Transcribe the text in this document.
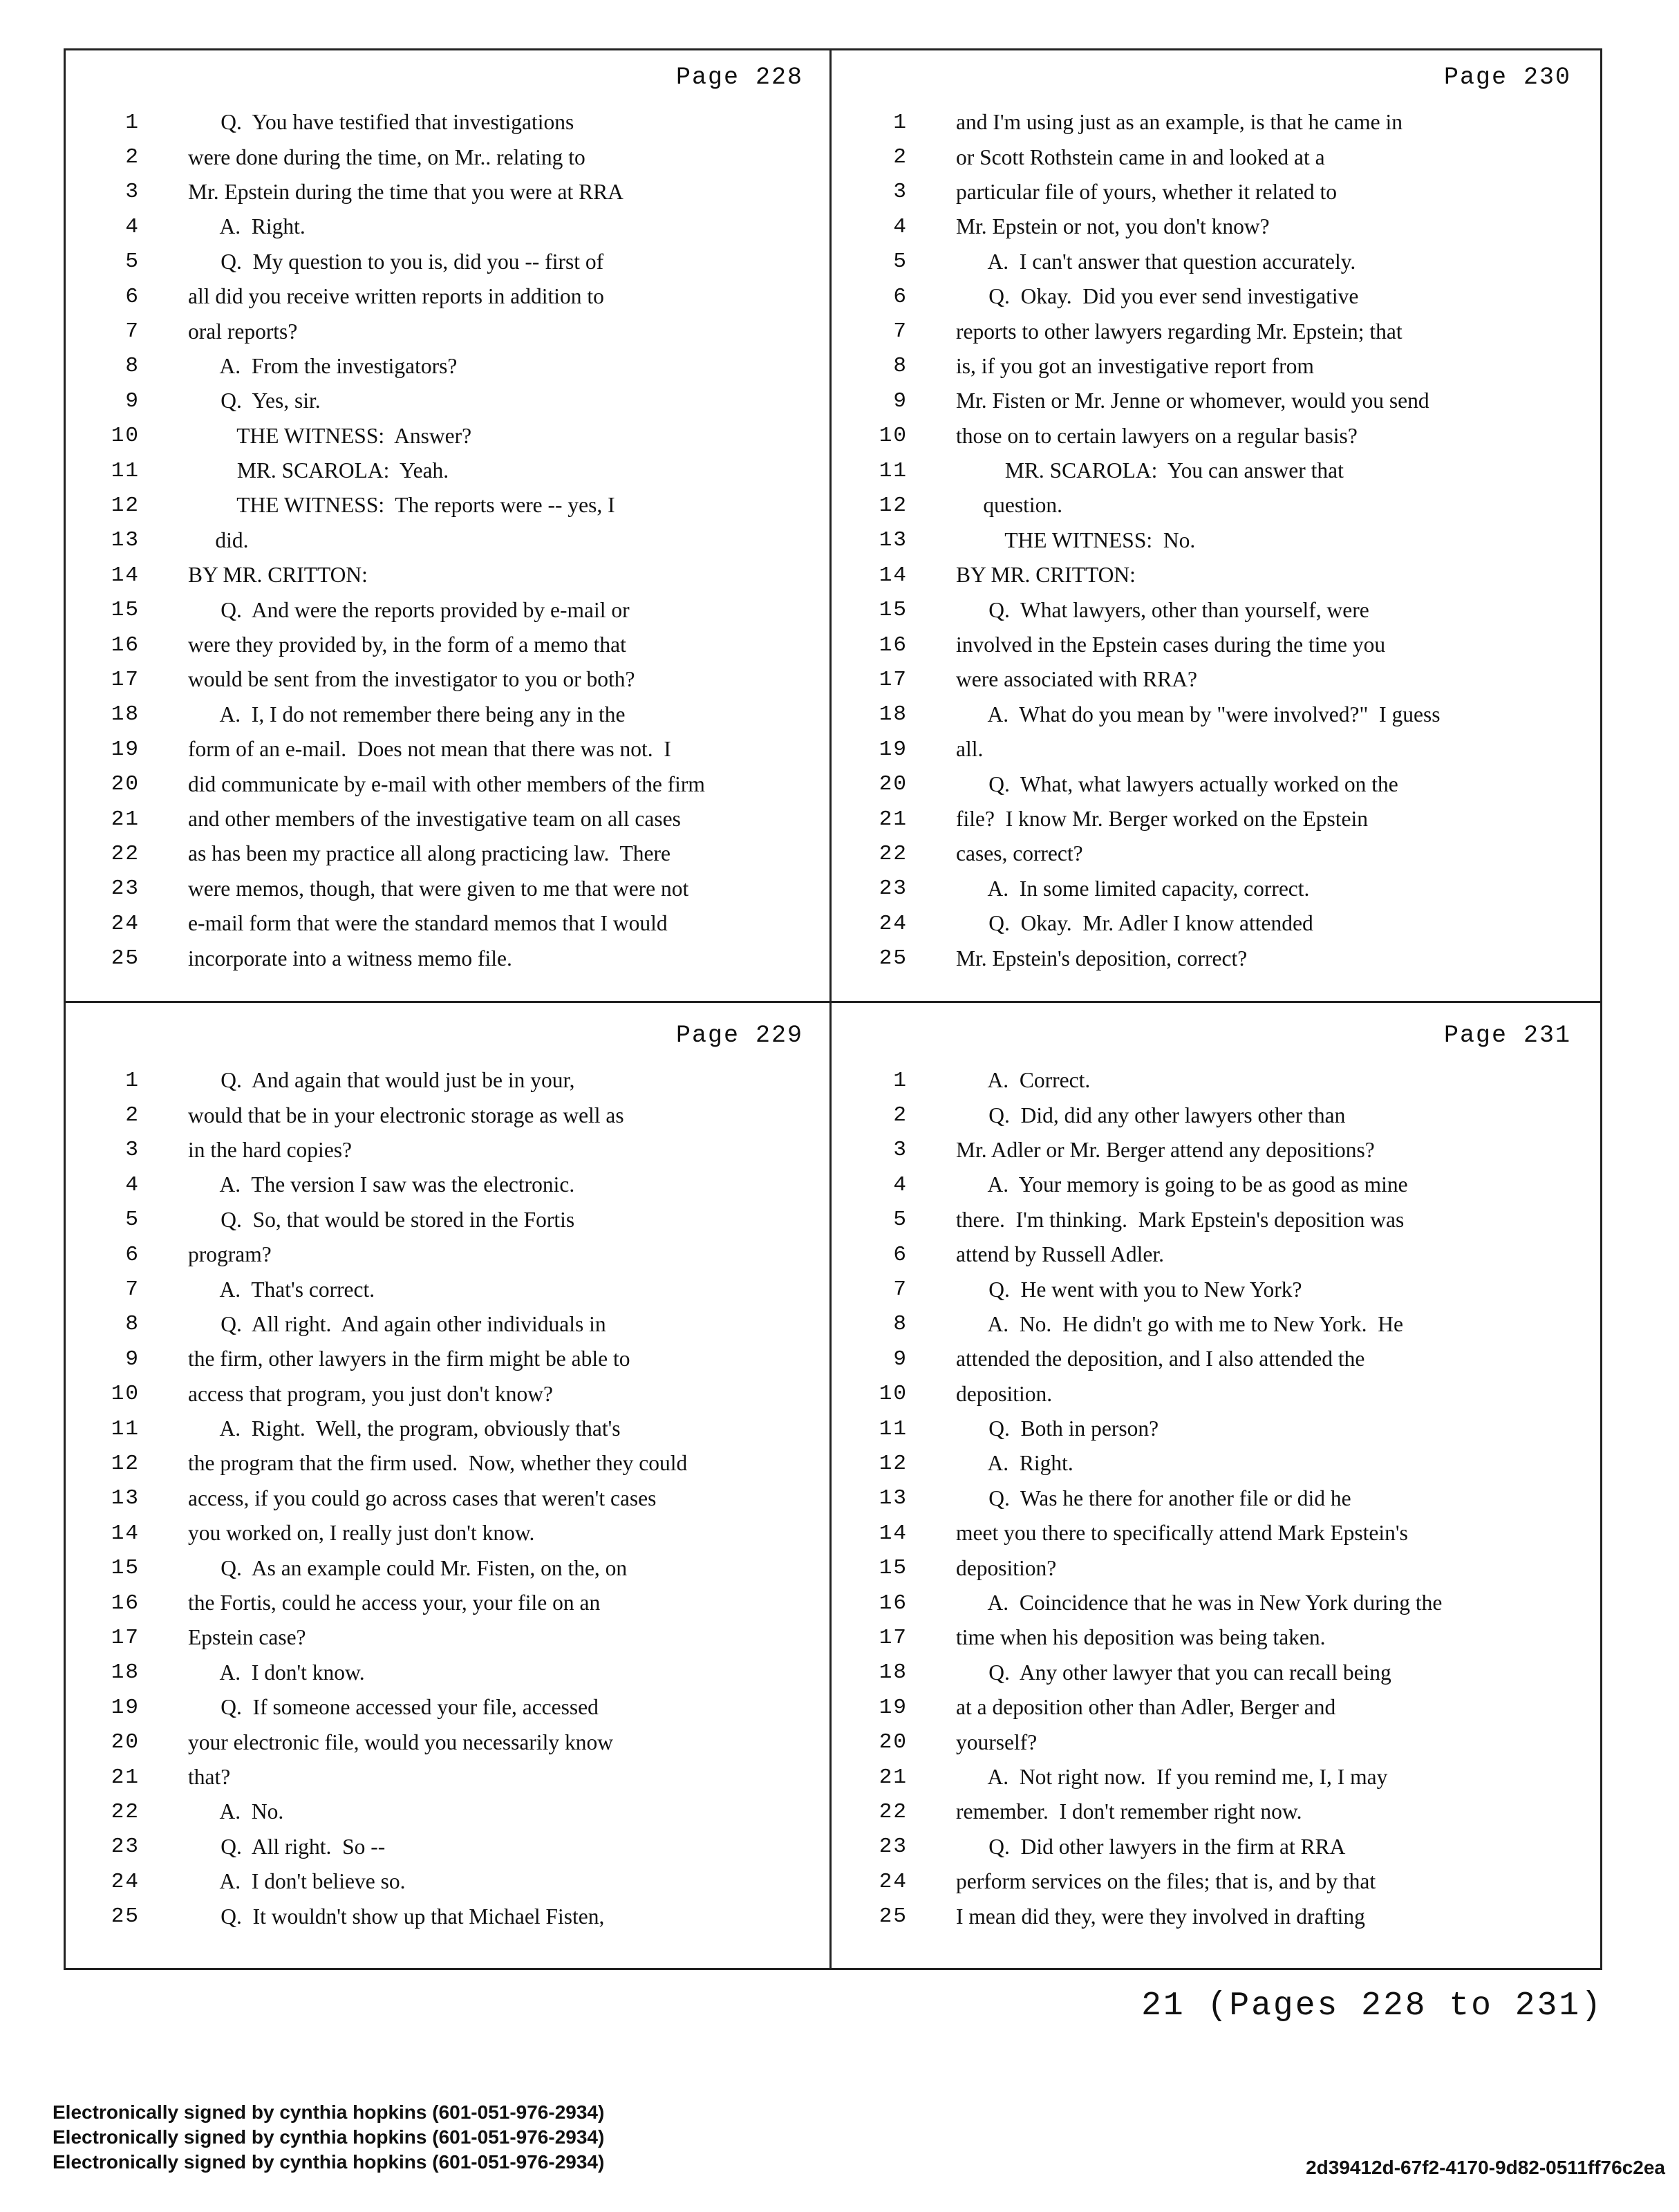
Page 228
1	Q.  You have testified that investigations
2	were done during the time, on Mr.. relating to
3	Mr. Epstein during the time that you were at RRA
4	A.  Right.
5	Q.  My question to you is, did you -- first of
6	all did you receive written reports in addition to
7	oral reports?
8	A.  From the investigators?
9	Q.  Yes, sir.
10	THE WITNESS:  Answer?
11	MR. SCAROLA:  Yeah.
12	THE WITNESS:  The reports were -- yes, I
13	did.
14	BY MR. CRITTON:
15	Q.  And were the reports provided by e-mail or
16	were they provided by, in the form of a memo that
17	would be sent from the investigator to you or both?
18	A.  I, I do not remember there being any in the
19	form of an e-mail.  Does not mean that there was not.  I
20	did communicate by e-mail with other members of the firm
21	and other members of the investigative team on all cases
22	as has been my practice all along practicing law.  There
23	were memos, though, that were given to me that were not
24	e-mail form that were the standard memos that I would
25	incorporate into a witness memo file.
Page 230
1	and I'm using just as an example, is that he came in
2	or Scott Rothstein came in and looked at a
3	particular file of yours, whether it related to
4	Mr. Epstein or not, you don't know?
5	A.  I can't answer that question accurately.
6	Q.  Okay.  Did you ever send investigative
7	reports to other lawyers regarding Mr. Epstein; that
8	is, if you got an investigative report from
9	Mr. Fisten or Mr. Jenne or whomever, would you send
10	those on to certain lawyers on a regular basis?
11	MR. SCAROLA:  You can answer that
12	question.
13	THE WITNESS:  No.
14	BY MR. CRITTON:
15	Q.  What lawyers, other than yourself, were
16	involved in the Epstein cases during the time you
17	were associated with RRA?
18	A.  What do you mean by "were involved?"  I guess
19	all.
20	Q.  What, what lawyers actually worked on the
21	file?  I know Mr. Berger worked on the Epstein
22	cases, correct?
23	A.  In some limited capacity, correct.
24	Q.  Okay.  Mr. Adler I know attended
25	Mr. Epstein's deposition, correct?
Page 229
1	Q.  And again that would just be in your,
2	would that be in your electronic storage as well as
3	in the hard copies?
4	A.  The version I saw was the electronic.
5	Q.  So, that would be stored in the Fortis
6	program?
7	A.  That's correct.
8	Q.  All right.  And again other individuals in
9	the firm, other lawyers in the firm might be able to
10	access that program, you just don't know?
11	A.  Right.  Well, the program, obviously that's
12	the program that the firm used.  Now, whether they could
13	access, if you could go across cases that weren't cases
14	you worked on, I really just don't know.
15	Q.  As an example could Mr. Fisten, on the, on
16	the Fortis, could he access your, your file on an
17	Epstein case?
18	A.  I don't know.
19	Q.  If someone accessed your file, accessed
20	your electronic file, would you necessarily know
21	that?
22	A.  No.
23	Q.  All right.  So --
24	A.  I don't believe so.
25	Q.  It wouldn't show up that Michael Fisten,
Page 231
1	A.  Correct.
2	Q.  Did, did any other lawyers other than
3	Mr. Adler or Mr. Berger attend any depositions?
4	A.  Your memory is going to be as good as mine
5	there.  I'm thinking.  Mark Epstein's deposition was
6	attend by Russell Adler.
7	Q.  He went with you to New York?
8	A.  No.  He didn't go with me to New York.  He
9	attended the deposition, and I also attended the
10	deposition.
11	Q.  Both in person?
12	A.  Right.
13	Q.  Was he there for another file or did he
14	meet you there to specifically attend Mark Epstein's
15	deposition?
16	A.  Coincidence that he was in New York during the
17	time when his deposition was being taken.
18	Q.  Any other lawyer that you can recall being
19	at a deposition other than Adler, Berger and
20	yourself?
21	A.  Not right now.  If you remind me, I, I may
22	remember.  I don't remember right now.
23	Q.  Did other lawyers in the firm at RRA
24	perform services on the files; that is, and by that
25	I mean did they, were they involved in drafting
21 (Pages 228 to 231)
Electronically signed by cynthia hopkins (601-051-976-2934)
Electronically signed by cynthia hopkins (601-051-976-2934)
Electronically signed by cynthia hopkins (601-051-976-2934)	2d39412d-67f2-4170-9d82-0511ff76c2ea
